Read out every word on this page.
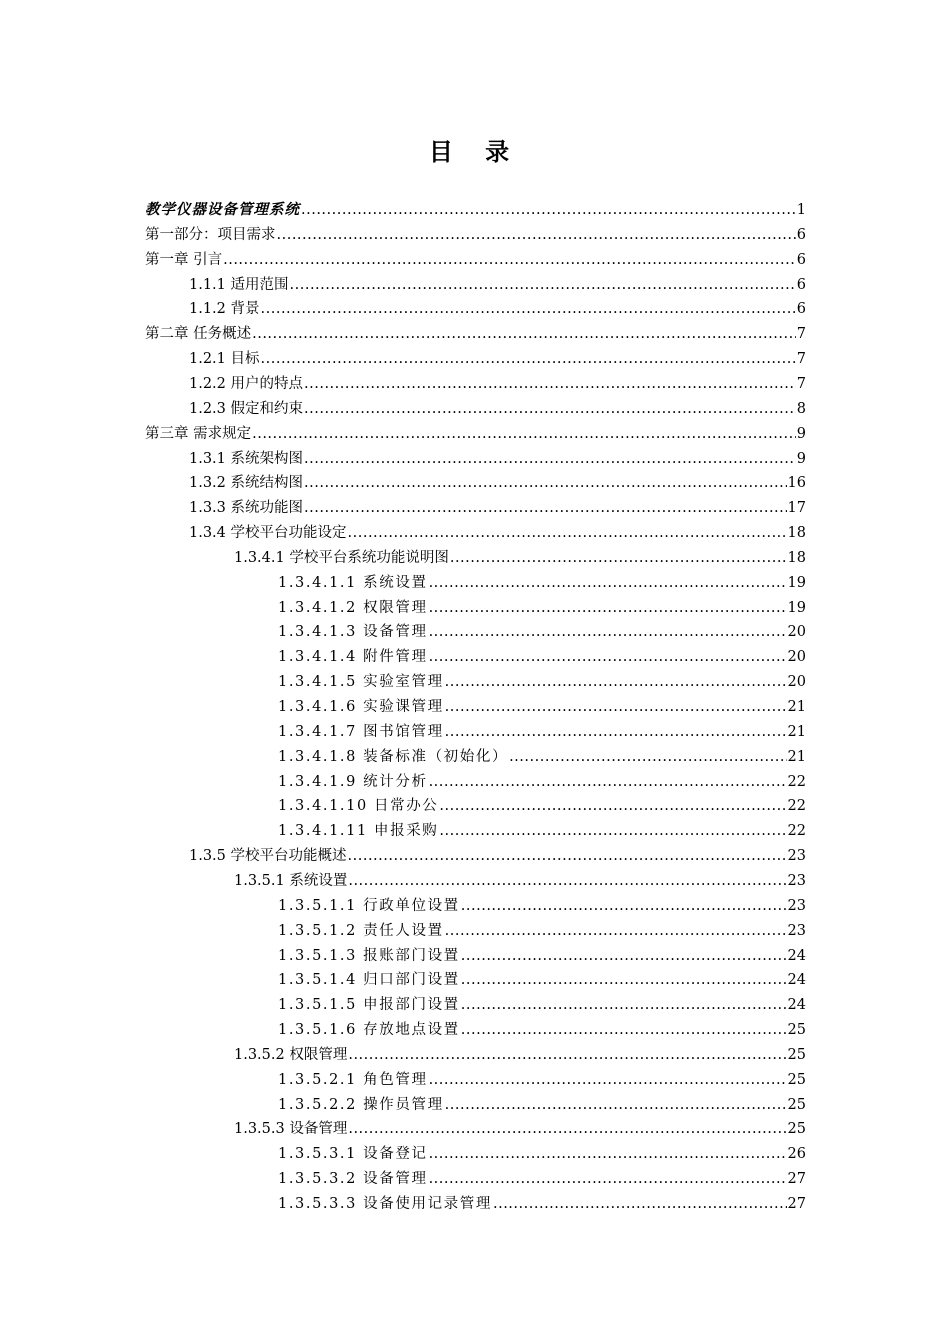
目 录
教学仪器设备管理系统 .....	1
第一部分：项目需求 .....	6
第一章 引言 .....	6
1.1.1 适用范围 .....	6
1.1.2 背景 .....	6
第二章 任务概述 .....	7
1.2.1 目标 .....	7
1.2.2 用户的特点 .....	7
1.2.3 假定和约束 .....	8
第三章 需求规定 .....	9
1.3.1 系统架构图 .....	9
1.3.2 系统结构图 .....	16
1.3.3 系统功能图 .....	17
1.3.4 学校平台功能设定 .....	18
1.3.4.1 学校平台系统功能说明图 .....	18
1.3.4.1.1 系统设置 .....	19
1.3.4.1.2 权限管理 .....	19
1.3.4.1.3 设备管理 .....	20
1.3.4.1.4 附件管理 .....	20
1.3.4.1.5 实验室管理 .....	20
1.3.4.1.6 实验课管理 .....	21
1.3.4.1.7 图书馆管理 .....	21
1.3.4.1.8 装备标准（初始化） .....	21
1.3.4.1.9 统计分析 .....	22
1.3.4.1.10 日常办公 .....	22
1.3.4.1.11 申报采购 .....	22
1.3.5 学校平台功能概述 .....	23
1.3.5.1 系统设置 .....	23
1.3.5.1.1 行政单位设置 .....	23
1.3.5.1.2 责任人设置 .....	23
1.3.5.1.3 报账部门设置 .....	24
1.3.5.1.4 归口部门设置 .....	24
1.3.5.1.5 申报部门设置 .....	24
1.3.5.1.6 存放地点设置 .....	25
1.3.5.2 权限管理 .....	25
1.3.5.2.1 角色管理 .....	25
1.3.5.2.2 操作员管理 .....	25
1.3.5.3 设备管理 .....	25
1.3.5.3.1 设备登记 .....	26
1.3.5.3.2 设备管理 .....	27
1.3.5.3.3 设备使用记录管理 .....	27
